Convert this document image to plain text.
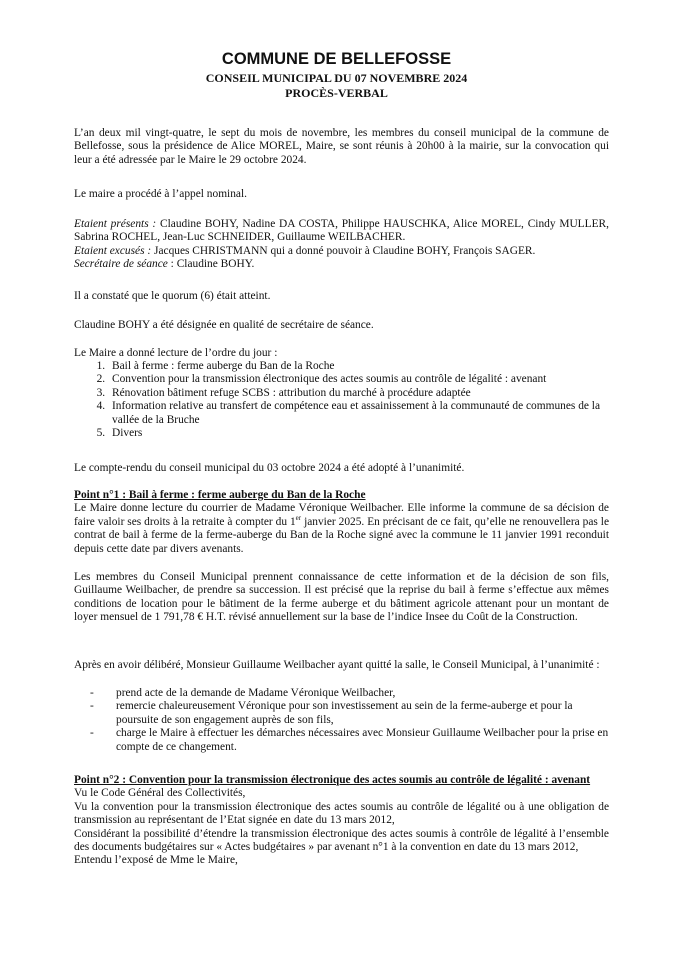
COMMUNE DE BELLEFOSSE
CONSEIL MUNICIPAL DU 07 NOVEMBRE 2024
PROCÈS-VERBAL

L’an deux mil vingt-quatre, le sept du mois de novembre, les membres du conseil municipal de la commune de Bellefosse, sous la présidence de Alice MOREL, Maire, se sont réunis à 20h00 à la mairie, sur la convocation qui leur a été adressée par le Maire le 29 octobre 2024.

Le maire a procédé à l’appel nominal.

Etaient présents : Claudine BOHY, Nadine DA COSTA, Philippe HAUSCHKA, Alice MOREL, Cindy MULLER, Sabrina ROCHEL, Jean-Luc SCHNEIDER, Guillaume WEILBACHER.
Etaient excusés : Jacques CHRISTMANN qui a donné pouvoir à Claudine BOHY, François SAGER.
Secrétaire de séance : Claudine BOHY.

Il a constaté que le quorum (6) était atteint.

Claudine BOHY a été désignée en qualité de secrétaire de séance.

Le Maire a donné lecture de l’ordre du jour :

1. Bail à ferme : ferme auberge du Ban de la Roche
2. Convention pour la transmission électronique des actes soumis au contrôle de légalité : avenant
3. Rénovation bâtiment refuge SCBS : attribution du marché à procédure adaptée
4. Information relative au transfert de compétence eau et assainissement à la communauté de communes de la vallée de la Bruche
5. Divers

Le compte-rendu du conseil municipal du 03 octobre 2024 a été adopté à l’unanimité.

Point n°1 : Bail à ferme : ferme auberge du Ban de la Roche
Le Maire donne lecture du courrier de Madame Véronique Weilbacher. Elle informe la commune de sa décision de faire valoir ses droits à la retraite à compter du 1er janvier 2025. En précisant de ce fait, qu’elle ne renouvellera pas le contrat de bail à ferme de la ferme-auberge du Ban de la Roche signé avec la commune le 11 janvier 1991 reconduit depuis cette date par divers avenants.

Les membres du Conseil Municipal prennent connaissance de cette information et de la décision de son fils, Guillaume Weilbacher, de prendre sa succession. Il est précisé que la reprise du bail à ferme s’effectue aux mêmes conditions de location pour le bâtiment de la ferme auberge et du bâtiment agricole attenant pour un montant de loyer mensuel de 1 791,78 € H.T. révisé annuellement sur la base de l’indice Insee du Coût de la Construction.

Après en avoir délibéré, Monsieur Guillaume Weilbacher ayant quitté la salle, le Conseil Municipal, à l’unanimité :

- prend acte de la demande de Madame Véronique Weilbacher,
- remercie chaleureusement Véronique pour son investissement au sein de la ferme-auberge et pour la poursuite de son engagement auprès de son fils,
- charge le Maire à effectuer les démarches nécessaires avec Monsieur Guillaume Weilbacher pour la prise en compte de ce changement.
Point n°2 : Convention pour la transmission électronique des actes soumis au contrôle de légalité : avenant
Vu le Code Général des Collectivités,
Vu la convention pour la transmission électronique des actes soumis au contrôle de légalité ou à une obligation de transmission au représentant de l’Etat signée en date du 13 mars 2012,
Considérant la possibilité d’étendre la transmission électronique des actes soumis à contrôle de légalité à l’ensemble des documents budgétaires sur « Actes budgétaires » par avenant n°1 à la convention en date du 13 mars 2012,
Entendu l’exposé de Mme le Maire,
